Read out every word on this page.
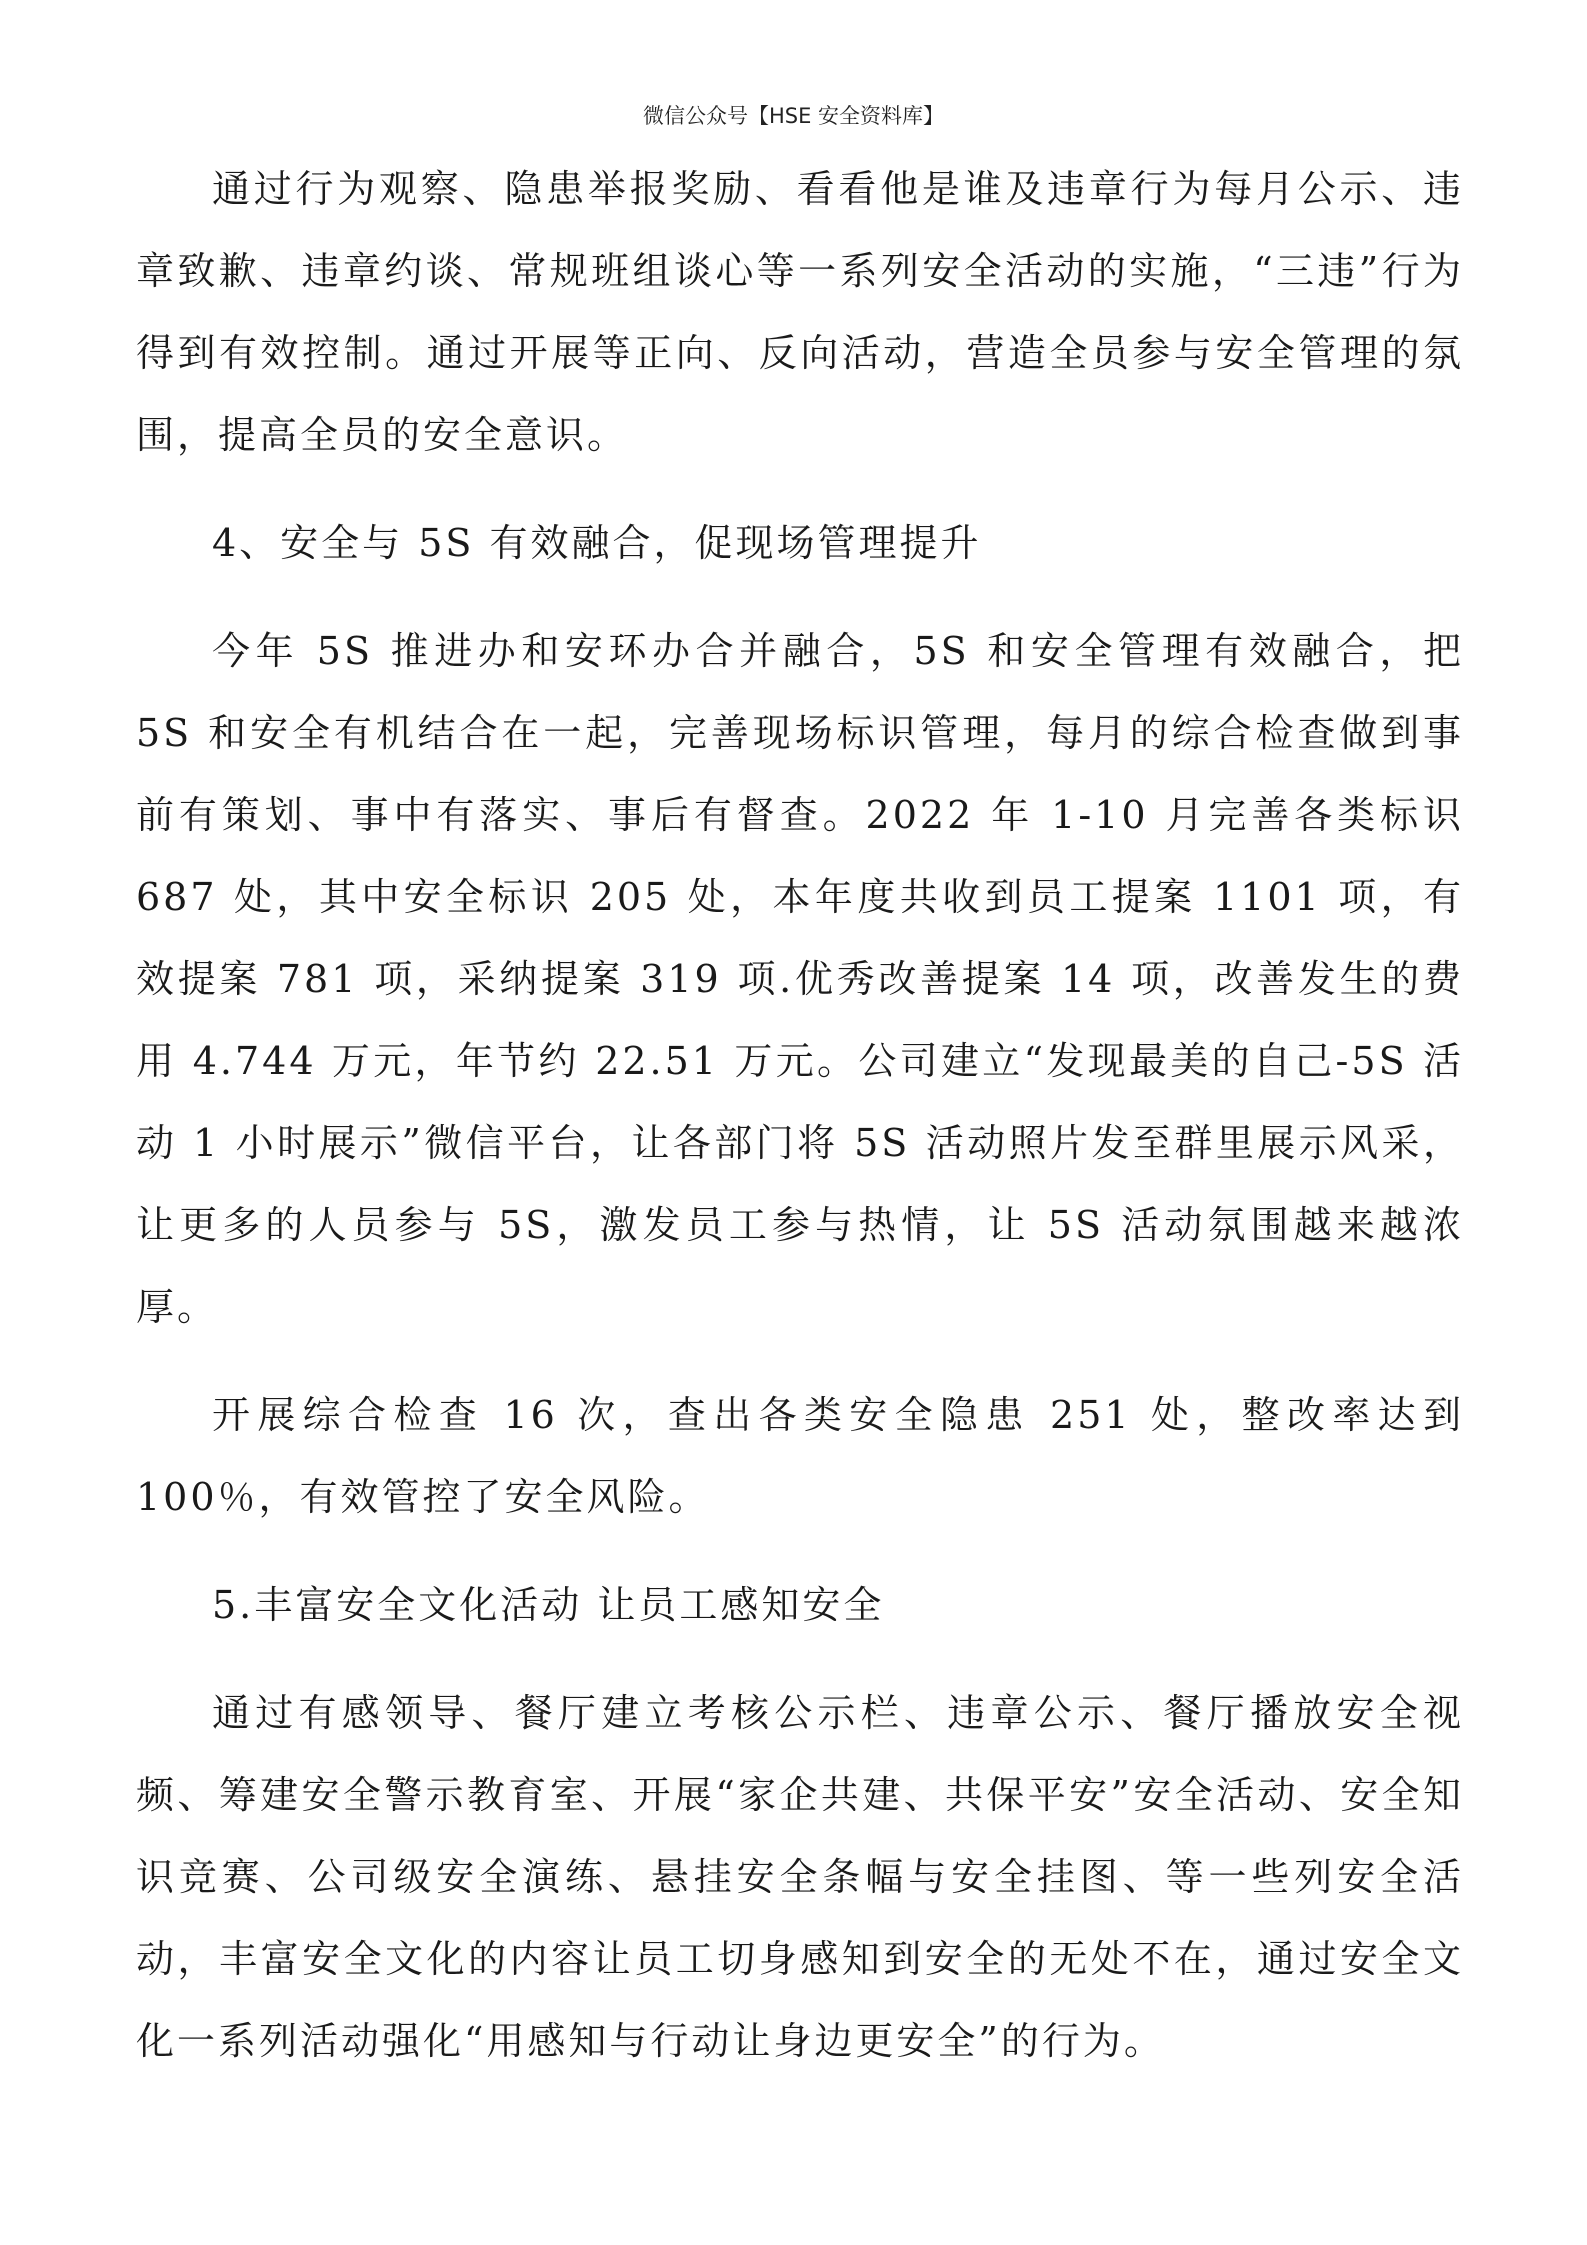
微信公众号【HSE 安全资料库】

通过行为观察、隐患举报奖励、看看他是谁及违章行为每月公示、违章致歉、违章约谈、常规班组谈心等一系列安全活动的实施，“三违”行为得到有效控制。通过开展等正向、反向活动，营造全员参与安全管理的氛围，提高全员的安全意识。

4、安全与 5S 有效融合，促现场管理提升

今年 5S 推进办和安环办合并融合，5S 和安全管理有效融合，把 5S 和安全有机结合在一起，完善现场标识管理，每月的综合检查做到事前有策划、事中有落实、事后有督查。2022 年 1-10 月完善各类标识 687 处，其中安全标识 205 处，本年度共收到员工提案 1101 项，有效提案 781 项，采纳提案 319 项.优秀改善提案 14 项，改善发生的费用 4.744 万元，年节约 22.51 万元。公司建立“发现最美的自己-5S 活动 1 小时展示”微信平台，让各部门将 5S 活动照片发至群里展示风采，让更多的人员参与 5S，激发员工参与热情，让 5S 活动氛围越来越浓厚。

开展综合检查 16 次，查出各类安全隐患 251 处，整改率达到 100％，有效管控了安全风险。

5.丰富安全文化活动 让员工感知安全

通过有感领导、餐厅建立考核公示栏、违章公示、餐厅播放安全视频、筹建安全警示教育室、开展“家企共建、共保平安”安全活动、安全知识竞赛、公司级安全演练、悬挂安全条幅与安全挂图、等一些列安全活动，丰富安全文化的内容让员工切身感知到安全的无处不在，通过安全文化一系列活动强化“用感知与行动让身边更安全”的行为。
